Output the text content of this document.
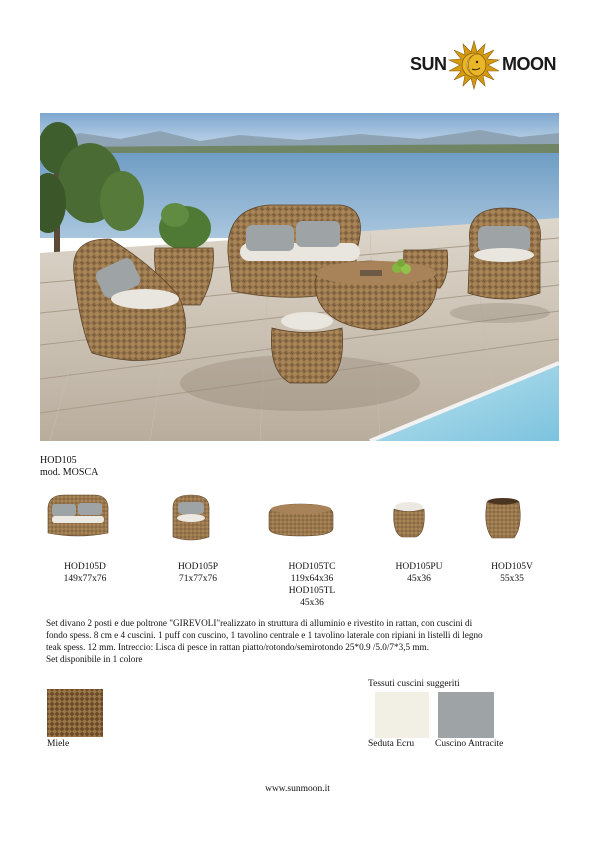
SUN	MOON
HOD105
mod. MOSCA
HOD105D
149x77x76
HOD105P
71x77x76
HOD105TC
119x64x36
HOD105TL
45x36
HOD105PU
45x36
HOD105V
55x35
Set divano 2 posti e due poltrone "GIREVOLI"realizzato in struttura di alluminio e rivestito in rattan, con cuscini di
fondo spess. 8 cm e 4 cuscini. 1 puff con cuscino, 1 tavolino centrale e 1 tavolino laterale con ripiani in listelli di legno
teak spess. 12 mm. Intreccio: Lisca di pesce in rattan piatto/rotondo/semirotondo 25*0.9 /5.0/7*3,5 mm.
Set disponibile in 1 colore
Miele
Tessuti cuscini suggeriti
Seduta Ecru Cuscino Antracite
www.sunmoon.it
